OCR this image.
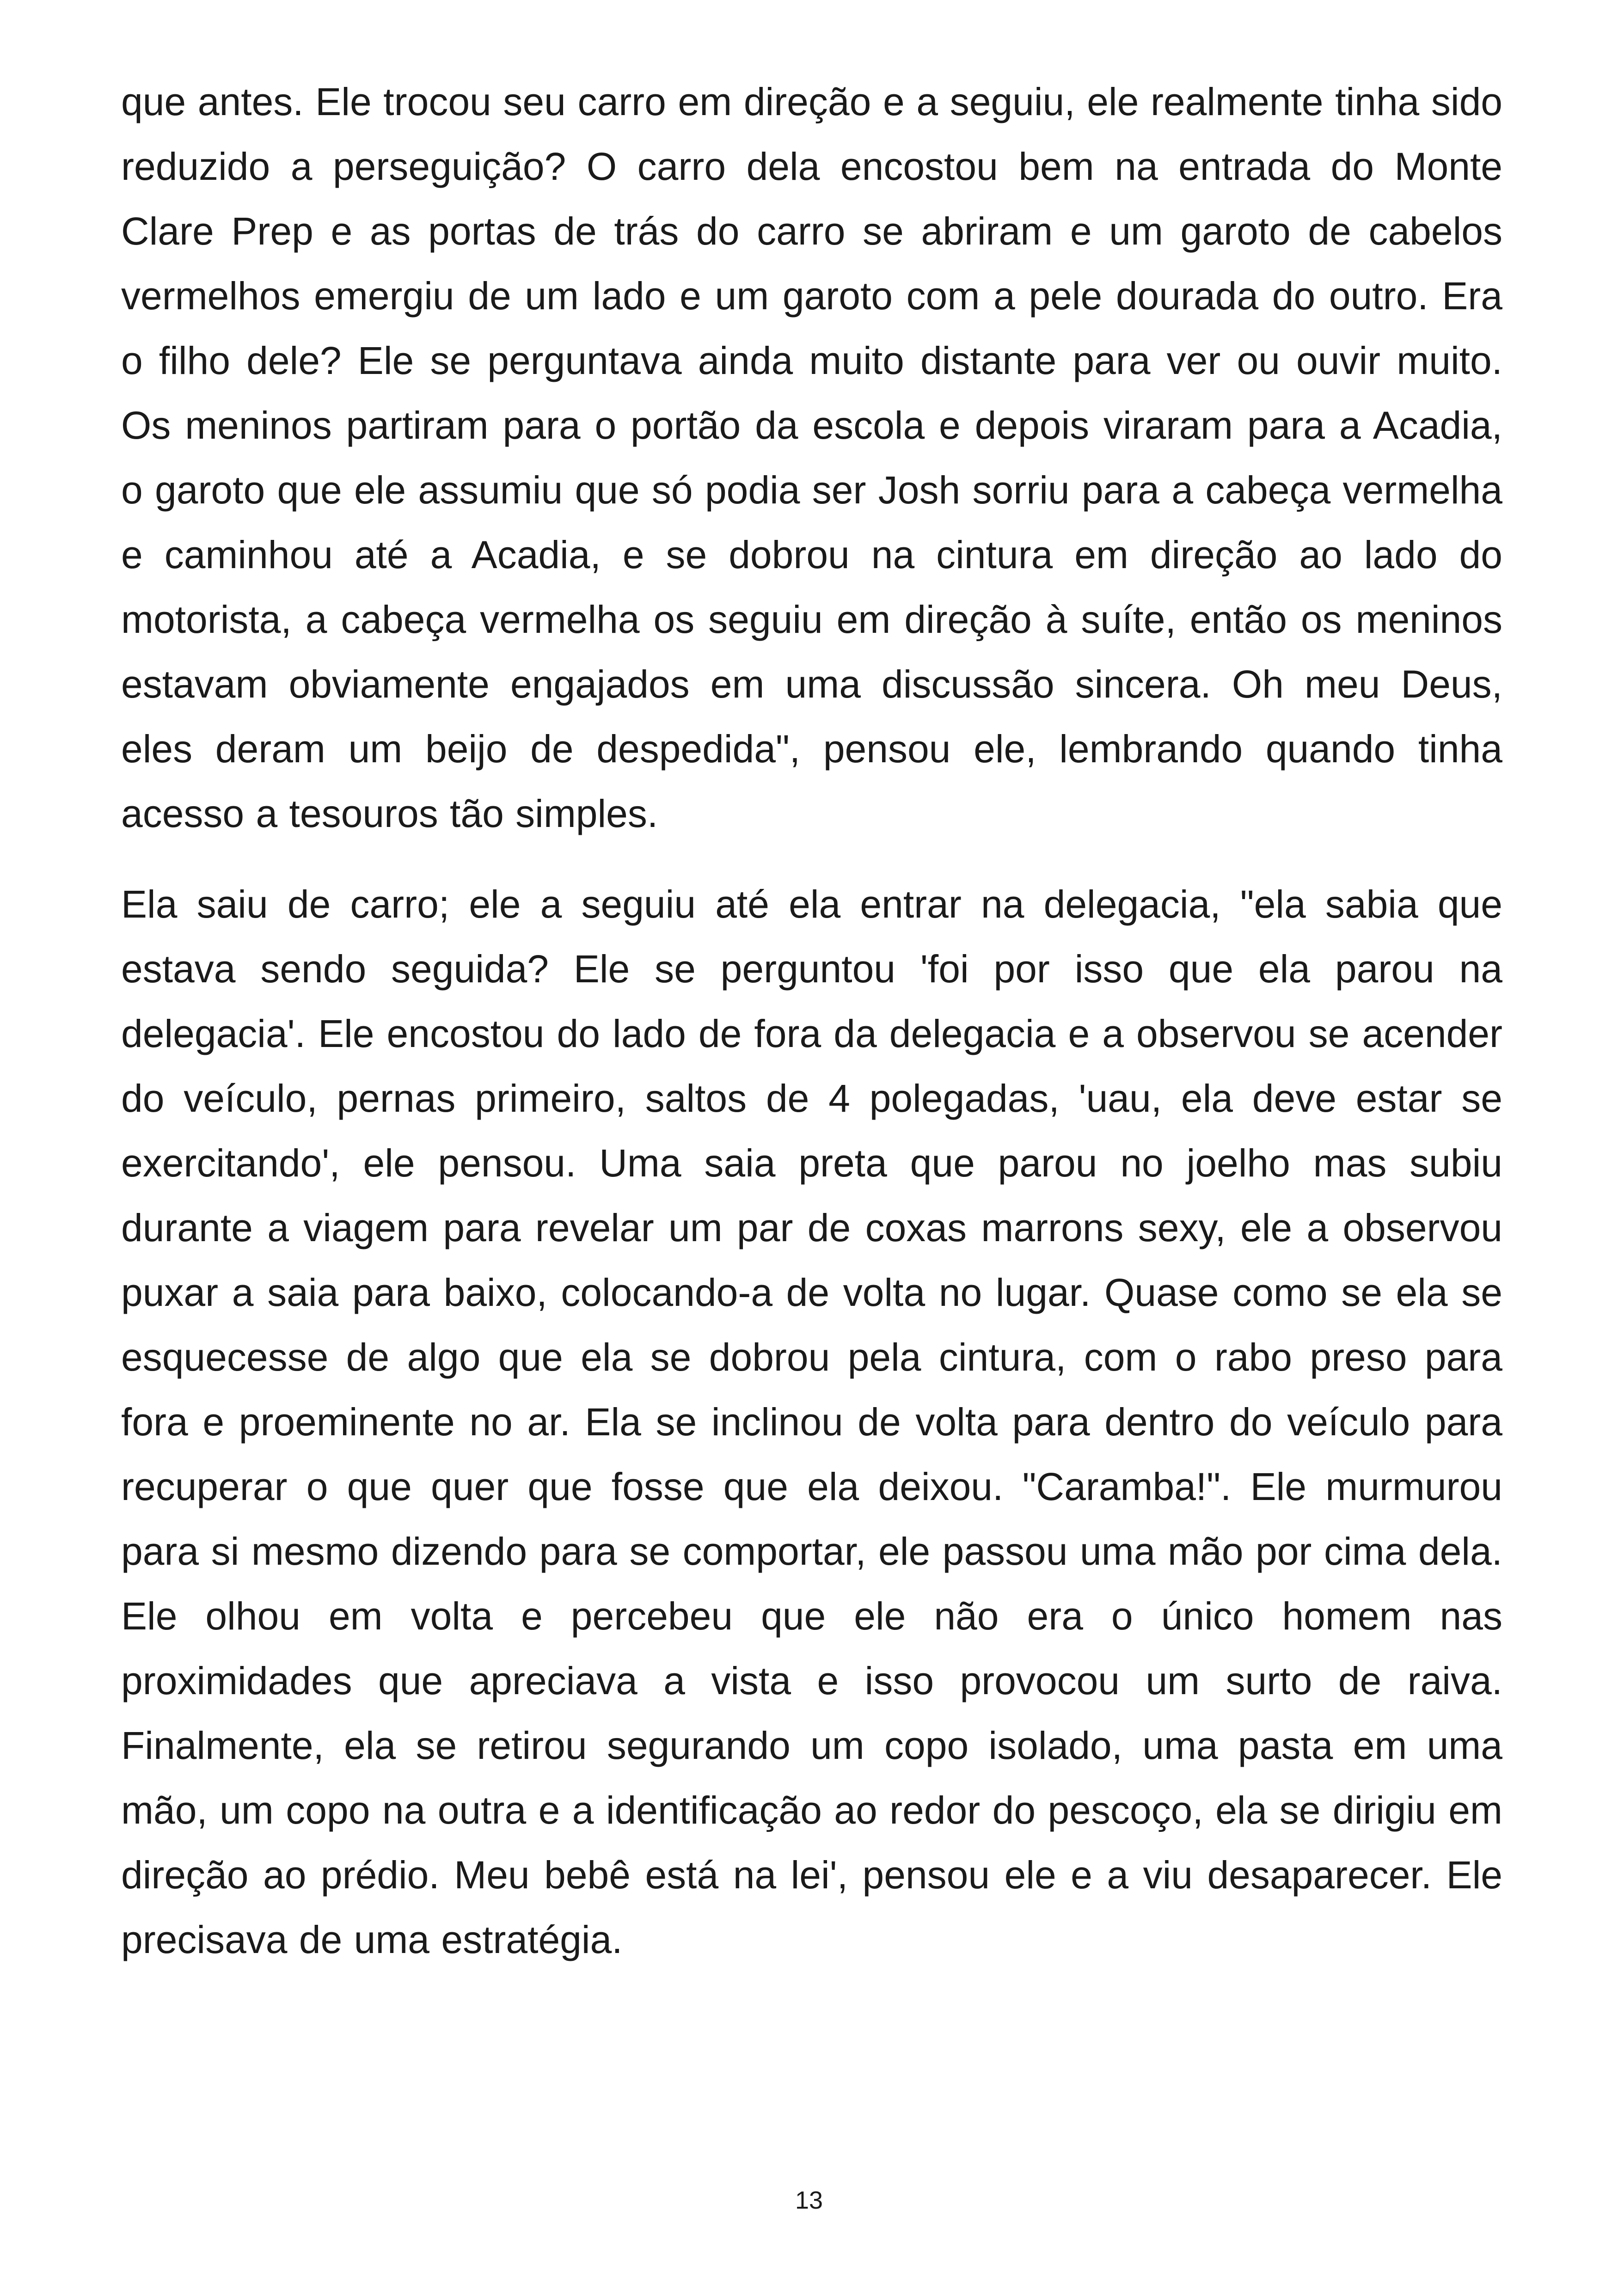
que antes. Ele trocou seu carro em direção e a seguiu, ele realmente tinha sido reduzido a perseguição? O carro dela encostou bem na entrada do Monte Clare Prep e as portas de trás do carro se abriram e um garoto de cabelos vermelhos emergiu de um lado e um garoto com a pele dourada do outro. Era o filho dele? Ele se perguntava ainda muito distante para ver ou ouvir muito. Os meninos partiram para o portão da escola e depois viraram para a Acadia, o garoto que ele assumiu que só podia ser Josh sorriu para a cabeça vermelha e caminhou até a Acadia, e se dobrou na cintura em direção ao lado do motorista, a cabeça vermelha os seguiu em direção à suíte, então os meninos estavam obviamente engajados em uma discussão sincera. Oh meu Deus, eles deram um beijo de despedida", pensou ele, lembrando quando tinha acesso a tesouros tão simples.

Ela saiu de carro; ele a seguiu até ela entrar na delegacia, "ela sabia que estava sendo seguida? Ele se perguntou 'foi por isso que ela parou na delegacia'. Ele encostou do lado de fora da delegacia e a observou se acender do veículo, pernas primeiro, saltos de 4 polegadas, 'uau, ela deve estar se exercitando', ele pensou. Uma saia preta que parou no joelho mas subiu durante a viagem para revelar um par de coxas marrons sexy, ele a observou puxar a saia para baixo, colocando-a de volta no lugar. Quase como se ela se esquecesse de algo que ela se dobrou pela cintura, com o rabo preso para fora e proeminente no ar. Ela se inclinou de volta para dentro do veículo para recuperar o que quer que fosse que ela deixou. "Caramba!". Ele murmurou para si mesmo dizendo para se comportar, ele passou uma mão por cima dela. Ele olhou em volta e percebeu que ele não era o único homem nas proximidades que apreciava a vista e isso provocou um surto de raiva. Finalmente, ela se retirou segurando um copo isolado, uma pasta em uma mão, um copo na outra e a identificação ao redor do pescoço, ela se dirigiu em direção ao prédio. Meu bebê está na lei', pensou ele e a viu desaparecer. Ele precisava de uma estratégia.

13
